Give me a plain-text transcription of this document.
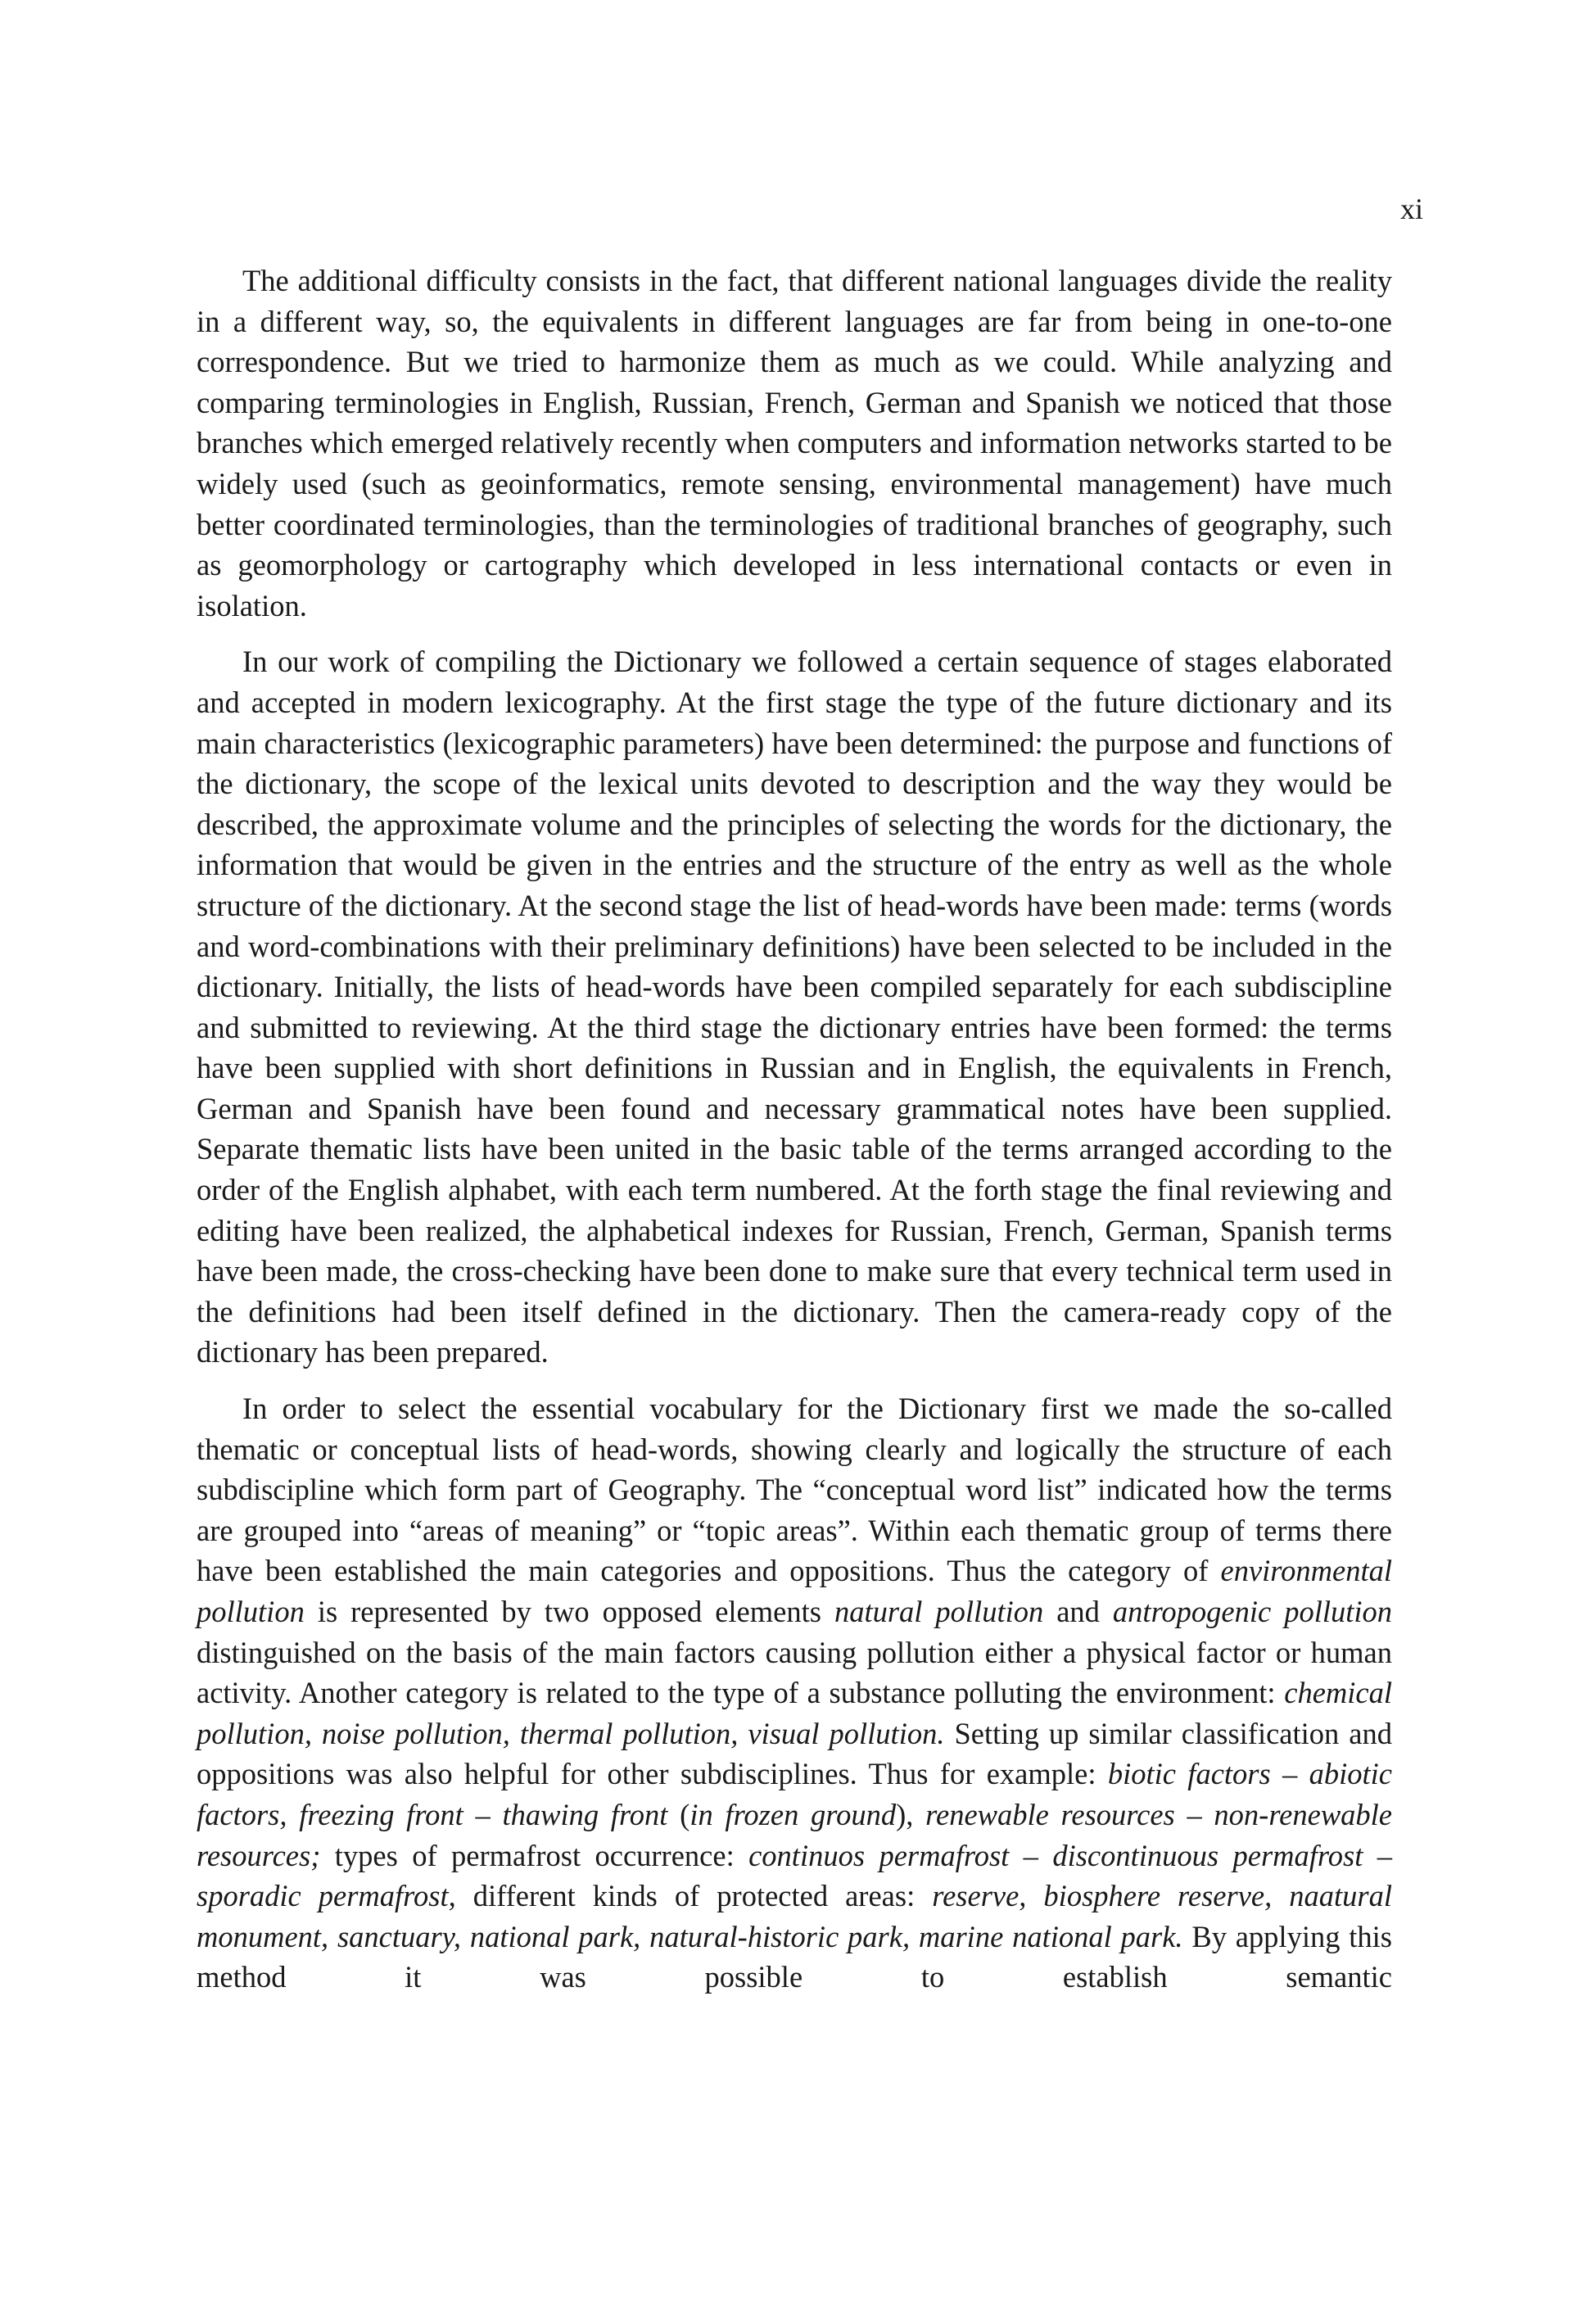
xi

The additional difficulty consists in the fact, that different national languages divide the reality in a different way, so, the equivalents in different languages are far from being in one-to-one correspondence. But we tried to harmonize them as much as we could. While analyzing and comparing terminologies in English, Russian, French, German and Spanish we noticed that those branches which emerged relatively recently when computers and information networks started to be widely used (such as geoinformatics, remote sensing, environmental management) have much better coordinated terminologies, than the terminologies of traditional branches of geography, such as geomorphology or cartography which developed in less international contacts or even in isolation.

In our work of compiling the Dictionary we followed a certain sequence of stages elaborated and accepted in modern lexicography. At the first stage the type of the future dictionary and its main characteristics (lexicographic parameters) have been determined: the purpose and functions of the dictionary, the scope of the lexical units devoted to description and the way they would be described, the approximate volume and the principles of selecting the words for the dictionary, the information that would be given in the entries and the structure of the entry as well as the whole structure of the dictionary. At the second stage the list of head-words have been made: terms (words and word-combinations with their preliminary definitions) have been selected to be included in the dictionary. Initially, the lists of head-words have been compiled separately for each subdiscipline and submitted to reviewing. At the third stage the dictionary entries have been formed: the terms have been supplied with short definitions in Russian and in English, the equivalents in French, German and Spanish have been found and necessary grammatical notes have been supplied. Separate thematic lists have been united in the basic table of the terms arranged according to the order of the English alphabet, with each term numbered. At the forth stage the final reviewing and editing have been realized, the alphabetical indexes for Russian, French, German, Spanish terms have been made, the cross-checking have been done to make sure that every technical term used in the definitions had been itself defined in the dictionary. Then the camera-ready copy of the dictionary has been prepared.

In order to select the essential vocabulary for the Dictionary first we made the so-called thematic or conceptual lists of head-words, showing clearly and logically the structure of each subdiscipline which form part of Geography. The “conceptual word list” indicated how the terms are grouped into “areas of meaning” or “topic areas”. Within each thematic group of terms there have been established the main categories and oppositions. Thus the category of environmental pollution is represented by two opposed elements natural pollution and antropogenic pollution distinguished on the basis of the main factors causing pollution either a physical factor or human activity. Another category is related to the type of a substance polluting the environment: chemical pollution, noise pollution, thermal pollution, visual pollution. Setting up similar classification and oppositions was also helpful for other subdisciplines. Thus for example: biotic factors – abiotic factors, freezing front – thawing front (in frozen ground), renewable resources – non-renewable resources; types of permafrost occurrence: continuos permafrost – discontinuous permafrost – sporadic permafrost, different kinds of protected areas: reserve, biosphere reserve, naatural monument, sanctuary, national park, natural-historic park, marine national park. By applying this method it was possible to establish semantic
